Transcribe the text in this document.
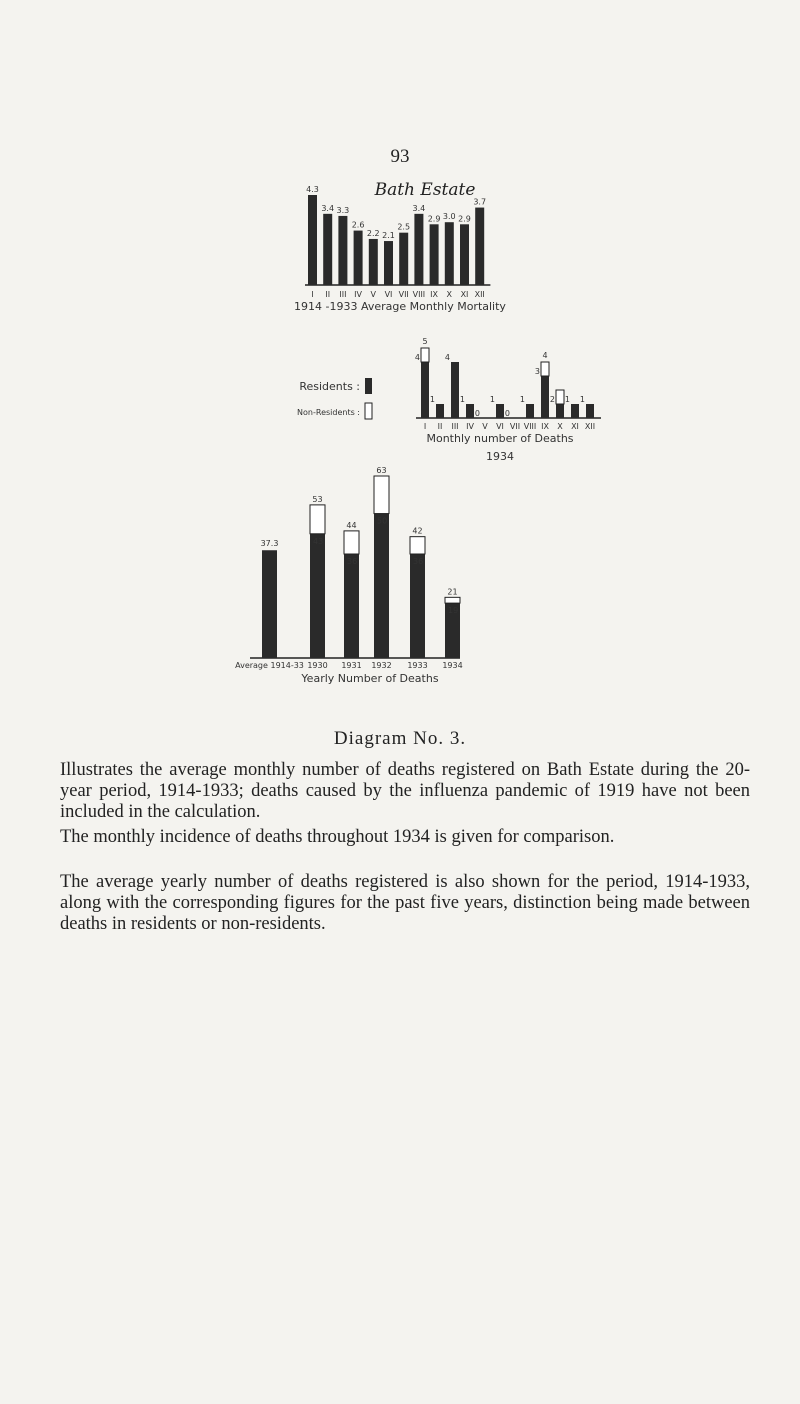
93
Bath Estate
4.3
I
3.4
II
3.3
III
2.6
IV
2.2
V
2.1
VI
2.5
VII
3.4
VIII
2.9
IX
3.0
X
2.9
XI
3.7
XII
1914 -1933 Average Monthly Mortality
4
5
I
1
II
4
III
1
IV
0
V
1
VI
0
VII
1
VIII
3
4
IX
2
X
1
XI
1
XII
Monthly number of Deaths
1934
Residents :
Non-Residents :
37.3
Average 1914-33
43
53
1930
36
44
1931
50
63
1932
36
42
1933
19
21
1934
Yearly Number of Deaths
Diagram No. 3.

Illustrates the average monthly number of deaths registered on Bath Estate during the 20-year period, 1914-1933; deaths caused by the influenza pandemic of 1919 have not been included in the calculation.

The monthly incidence of deaths throughout 1934 is given for comparison.

The average yearly number of deaths registered is also shown for the period, 1914-1933, along with the corresponding figures for the past five years, distinction being made between deaths in residents or non-residents.
